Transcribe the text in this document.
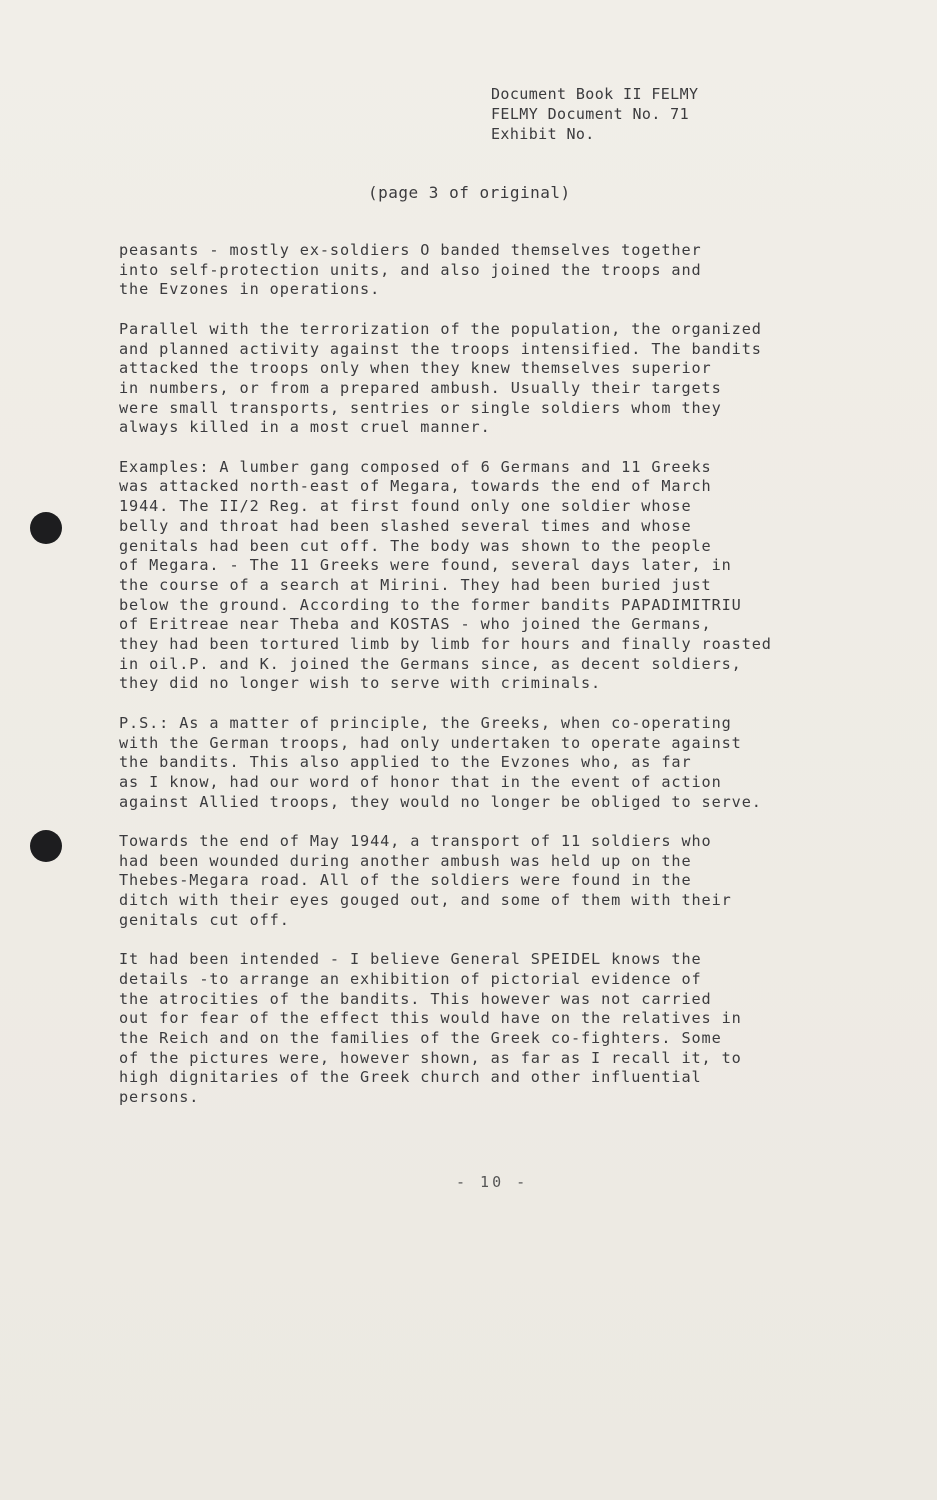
Document Book II FELMY
FELMY Document No. 71
Exhibit No.
(page 3 of original)
peasants - mostly ex-soldiers O banded themselves together
into self-protection units, and also joined the troops and
the Evzones in operations.
Parallel with the terrorization of the population, the organized
and planned activity against the troops intensified. The bandits
attacked the troops only when they knew themselves superior
in numbers, or from a prepared ambush. Usually their targets
were small transports, sentries or single soldiers whom they
always killed in a most cruel manner.
Examples: A lumber gang composed of 6 Germans and 11 Greeks
was attacked north-east of Megara, towards the end of March
1944. The II/2 Reg. at first found only one soldier whose
belly and throat had been slashed several times and whose
genitals had been cut off. The body was shown to the people
of Megara. - The 11 Greeks were found, several days later, in
the course of a search at Mirini. They had been buried just
below the ground. According to the former bandits PAPADIMITRIU
of Eritreae near Theba and KOSTAS - who joined the Germans,
they had been tortured limb by limb for hours and finally roasted
in oil.P. and K. joined the Germans since, as decent soldiers,
they did no longer wish to serve with criminals.
P.S.: As a matter of principle, the Greeks, when co-operating
with the German troops, had only undertaken to operate against
the bandits. This also applied to the Evzones who, as far
as I know, had our word of honor that in the event of action
against Allied troops, they would no longer be obliged to serve.
Towards the end of May 1944, a transport of 11 soldiers who
had been wounded during another ambush was held up on the
Thebes-Megara road. All of the soldiers were found in the
ditch with their eyes gouged out, and some of them with their
genitals cut off.
It had been intended - I believe General SPEIDEL knows the
details -to arrange an exhibition of pictorial evidence of
the atrocities of the bandits. This however was not carried
out for fear of the effect this would have on the relatives in
the Reich and on the families of the Greek co-fighters. Some
of the pictures were, however shown, as far as I recall it, to
high dignitaries of the Greek church and other influential
persons.
- 10 -
